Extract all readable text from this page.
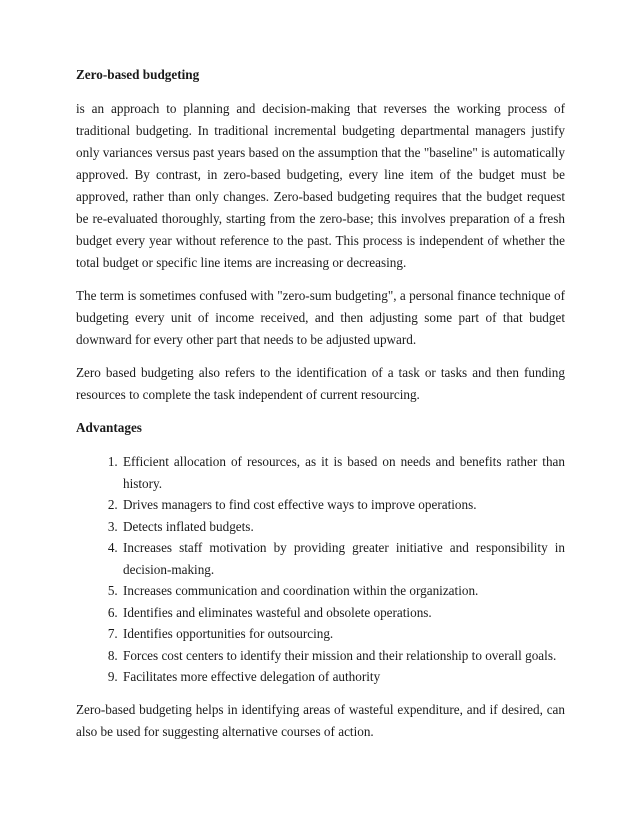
Zero-based budgeting

is an approach to planning and decision-making that reverses the working process of traditional budgeting. In traditional incremental budgeting departmental managers justify only variances versus past years based on the assumption that the "baseline" is automatically approved. By contrast, in zero-based budgeting, every line item of the budget must be approved, rather than only changes. Zero-based budgeting requires that the budget request be re-evaluated thoroughly, starting from the zero-base; this involves preparation of a fresh budget every year without reference to the past. This process is independent of whether the total budget or specific line items are increasing or decreasing.

The term is sometimes confused with "zero-sum budgeting", a personal finance technique of budgeting every unit of income received, and then adjusting some part of that budget downward for every other part that needs to be adjusted upward.

Zero based budgeting also refers to the identification of a task or tasks and then funding resources to complete the task independent of current resourcing.

Advantages

1. Efficient allocation of resources, as it is based on needs and benefits rather than history.
2. Drives managers to find cost effective ways to improve operations.
3. Detects inflated budgets.
4. Increases staff motivation by providing greater initiative and responsibility in decision-making.
5. Increases communication and coordination within the organization.
6. Identifies and eliminates wasteful and obsolete operations.
7. Identifies opportunities for outsourcing.
8. Forces cost centers to identify their mission and their relationship to overall goals.
9. Facilitates more effective delegation of authority

Zero-based budgeting helps in identifying areas of wasteful expenditure, and if desired, can also be used for suggesting alternative courses of action.
